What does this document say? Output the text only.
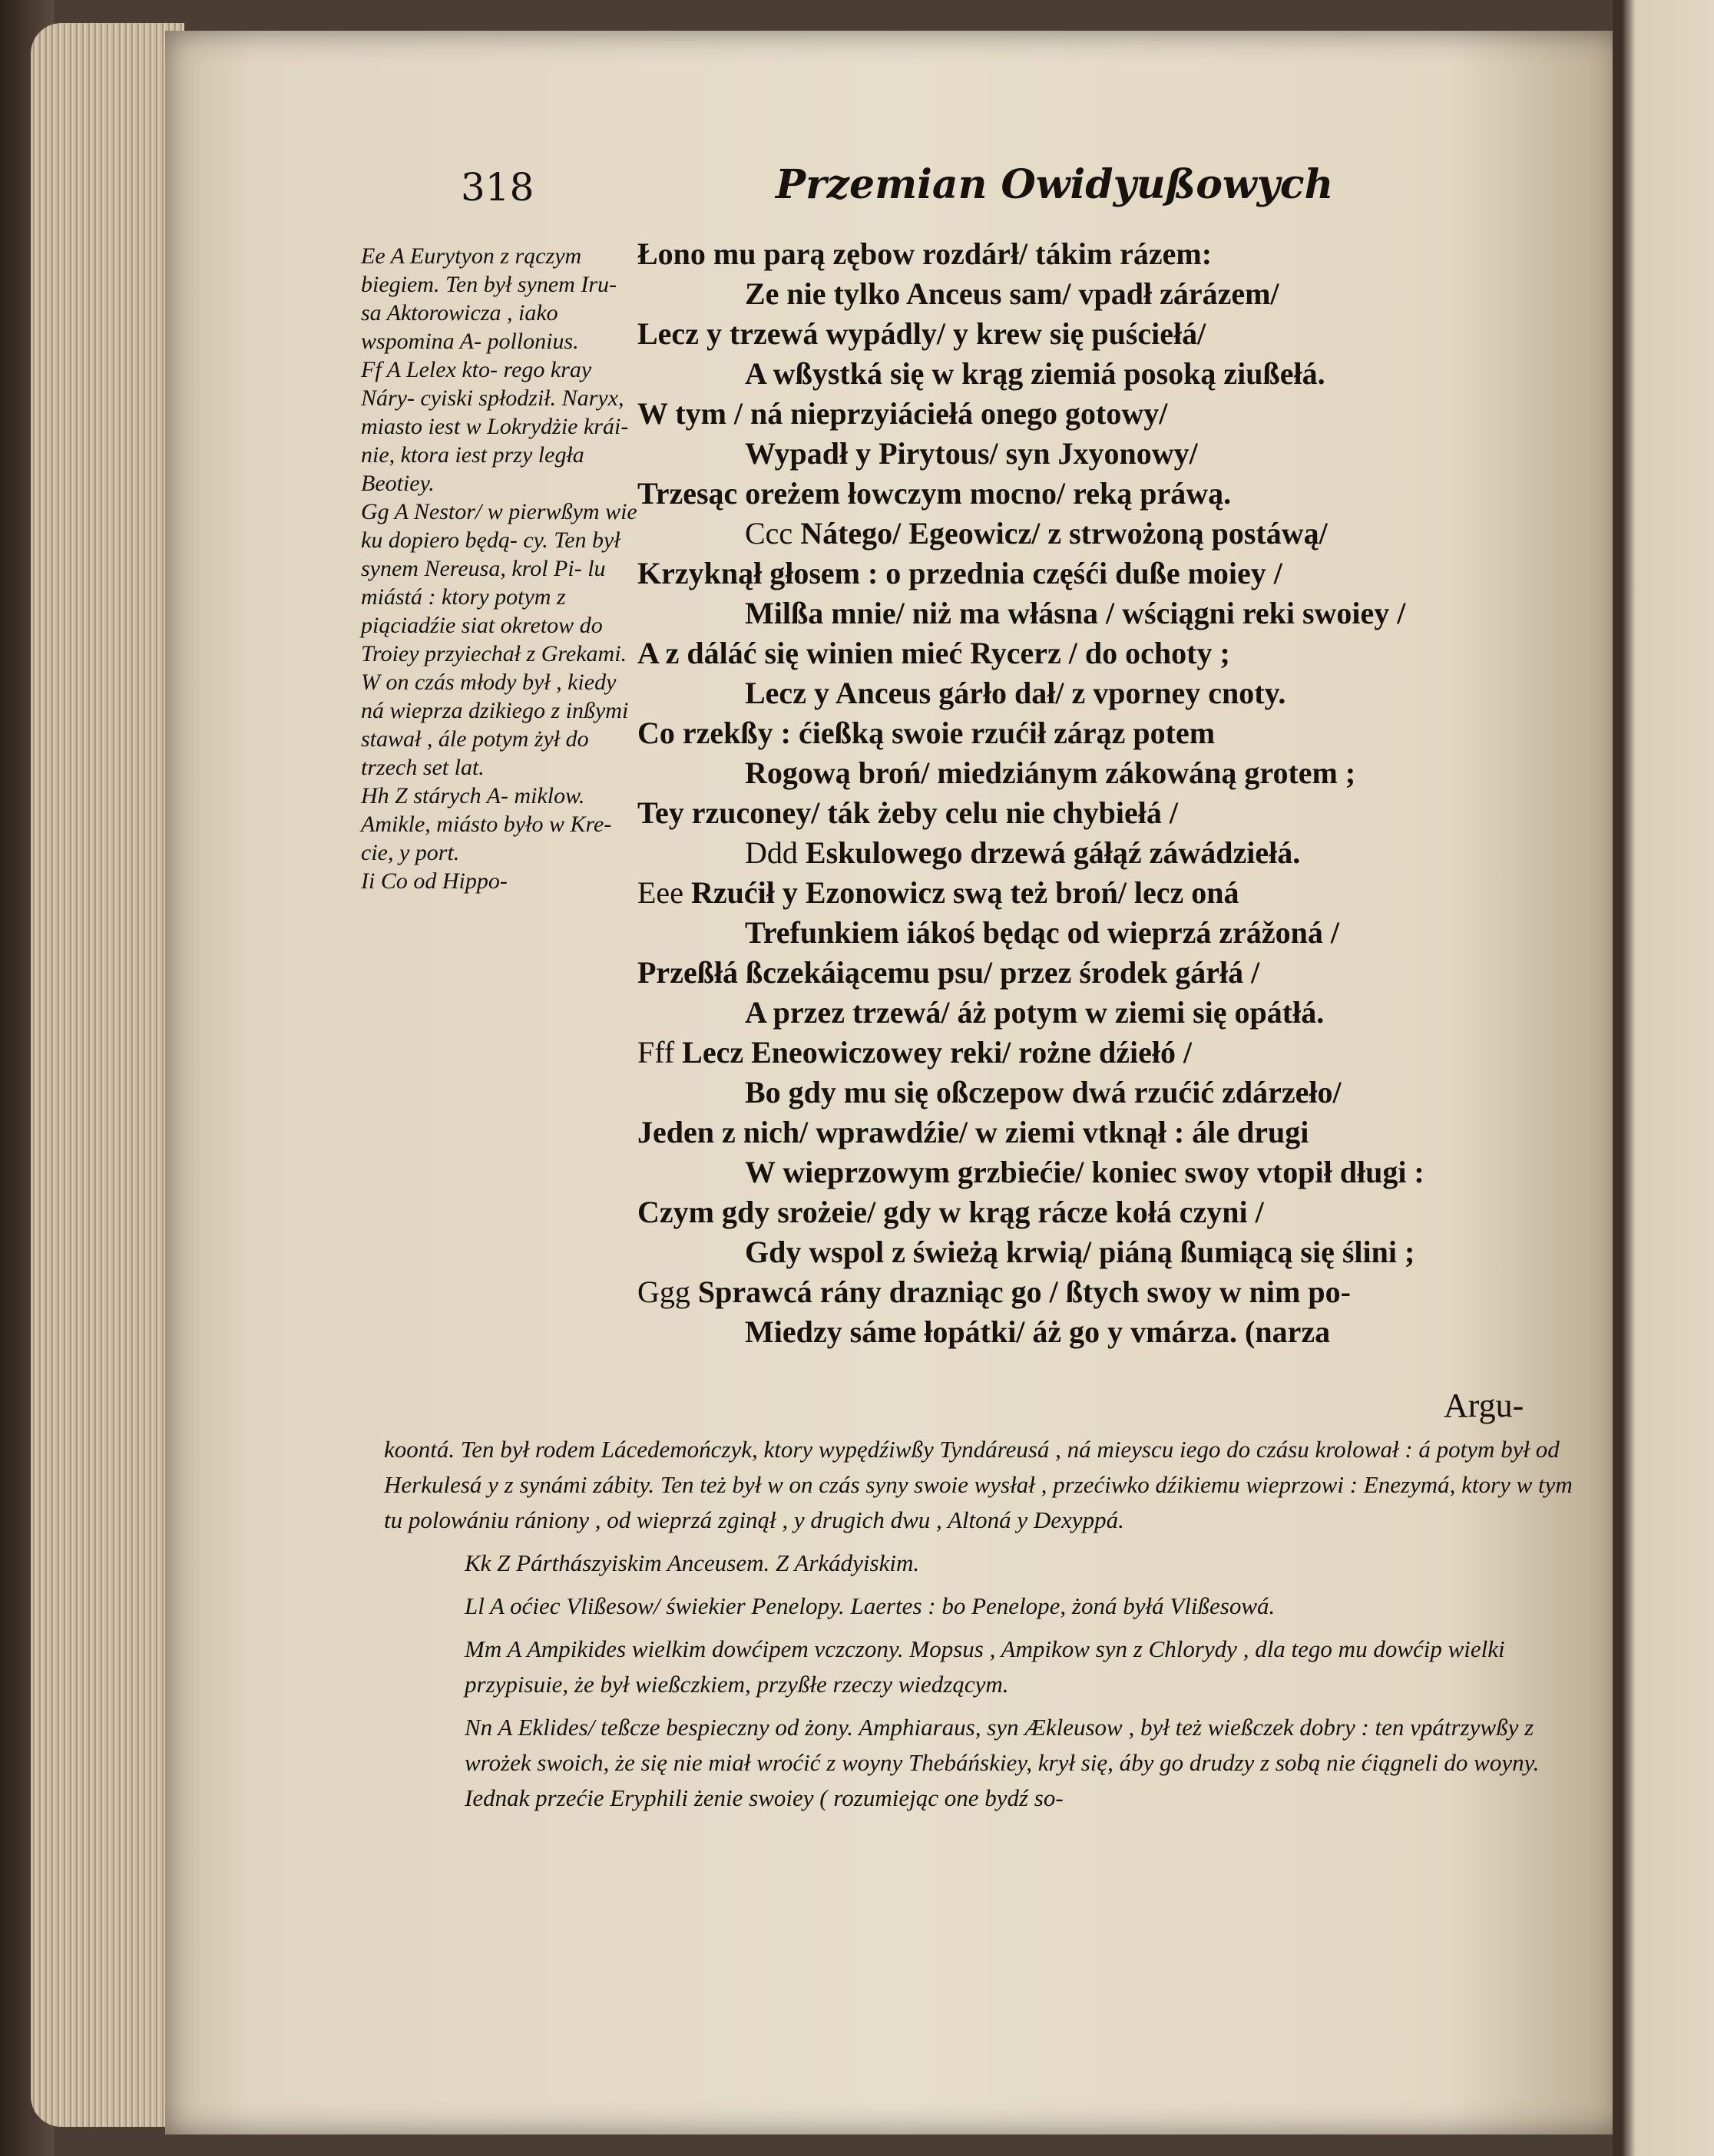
318	Przemian Owidyußowych

Ee A Eurytyon z rączym biegiem. Ten był synem Iru- sa Aktorowicza , iako wspomina A- pollonius.

Ff A Lelex kto- rego kray Náry- cyiski spłodził. Naryx, miasto iest w Lokrydżie krái- nie, ktora iest przy legła Beotiey.

Gg A Nestor/ w pierwßym wie ku dopiero będą- cy. Ten był synem Nereusa, krol Pi- lu miástá : ktory potym z piąciadźie siat okretow do Troiey przyiechał z Grekami. W on czás młody był , kiedy ná wieprza dzikiego z inßymi stawał , ále potym żył do trzech set lat.

Hh Z stárych A- miklow. Amikle, miásto było w Kre- cie, y port.

Ii Co od Hippo-

Łono mu parą zębow rozdárł/ tákim rázem:
Ze nie tylko Anceus sam/ vpadł zárázem/
Lecz y trzewá wypádly/ y krew się puściełá/
A wßystká się w krąg ziemiá posoką ziußełá.
W tym / ná nieprzyiáciełá onego gotowy/
Wypadł y Pirytous/ syn Jxyonowy/
Trzesąc oreżem łowczym mocno/ reką práwą.
Ccc Nátego/ Egeowicz/ z strwożoną postáwą/
Krzyknął głosem : o przednia częśći duße moiey /
Milßa mnie/ niż ma włásna / wściągni reki swoiey /
A z dáláć się winien mieć Rycerz / do ochoty ;
Lecz y Anceus gárło dał/ z vporney cnoty.
Co rzekßy : ćießką swoie rzućił zárąz potem
Rogową broń/ miedziánym zákowáną grotem ;
Tey rzuconey/ ták żeby celu nie chybiełá /
Ddd Eskulowego drzewá gáłąź záwádziełá.
Eee Rzućił y Ezonowicz swą też broń/ lecz oná
Trefunkiem iákoś będąc od wieprzá zrážoná /
Przeßłá ßczekáiącemu psu/ przez środek gárłá /
A przez trzewá/ áż potym w ziemi się opátłá.
Fff Lecz Eneowiczowey reki/ rożne dźiełó /
Bo gdy mu się oßczepow dwá rzućić zdárzeło/
Jeden z nich/ wprawdźie/ w ziemi vtknął : ále drugi
W wieprzowym grzbiećie/ koniec swoy vtopił długi :
Czym gdy srożeie/ gdy w krąg rácze kołá czyni /
Gdy wspol z świeżą krwią/ piáną ßumiącą się ślini ;
Ggg Sprawcá rány drazniąc go / ßtych swoy w nim po-
Miedzy sáme łopátki/ áż go y vmárza. (narza
Argu-

koontá. Ten był rodem Lácedemończyk, ktory wypędźiwßy Tyndáreusá , ná mieyscu iego do czásu krolował : á potym był od Herkulesá y z synámi zábity. Ten też był w on czás syny swoie wysłał , przećiwko dźikiemu wieprzowi : Enezymá, ktory w tym tu polowániu rániony , od wieprzá zginął , y drugich dwu , Altoná y Dexyppá.

Kk Z Párthászyiskim Anceusem. Z Arkádyiskim.

Ll A oćiec Vlißesow/ świekier Penelopy. Laertes : bo Penelope, żoná byłá Vlißesowá.

Mm A Ampikides wielkim dowćipem vczczony. Mopsus , Ampikow syn z Chlorydy , dla tego mu dowćip wielki przypisuie, że był wießczkiem, przyßłe rzeczy wiedzącym.

Nn A Eklides/ teßcze bespieczny od żony. Amphiaraus, syn Ækleusow , był też wießczek dobry : ten vpátrzywßy z wrożek swoich, że się nie miał wroćić z woyny Thebáńskiey, krył się, áby go drudzy z sobą nie ćiągneli do woyny. Iednak przećie Eryphili żenie swoiey ( rozumiejąc one bydź so-
